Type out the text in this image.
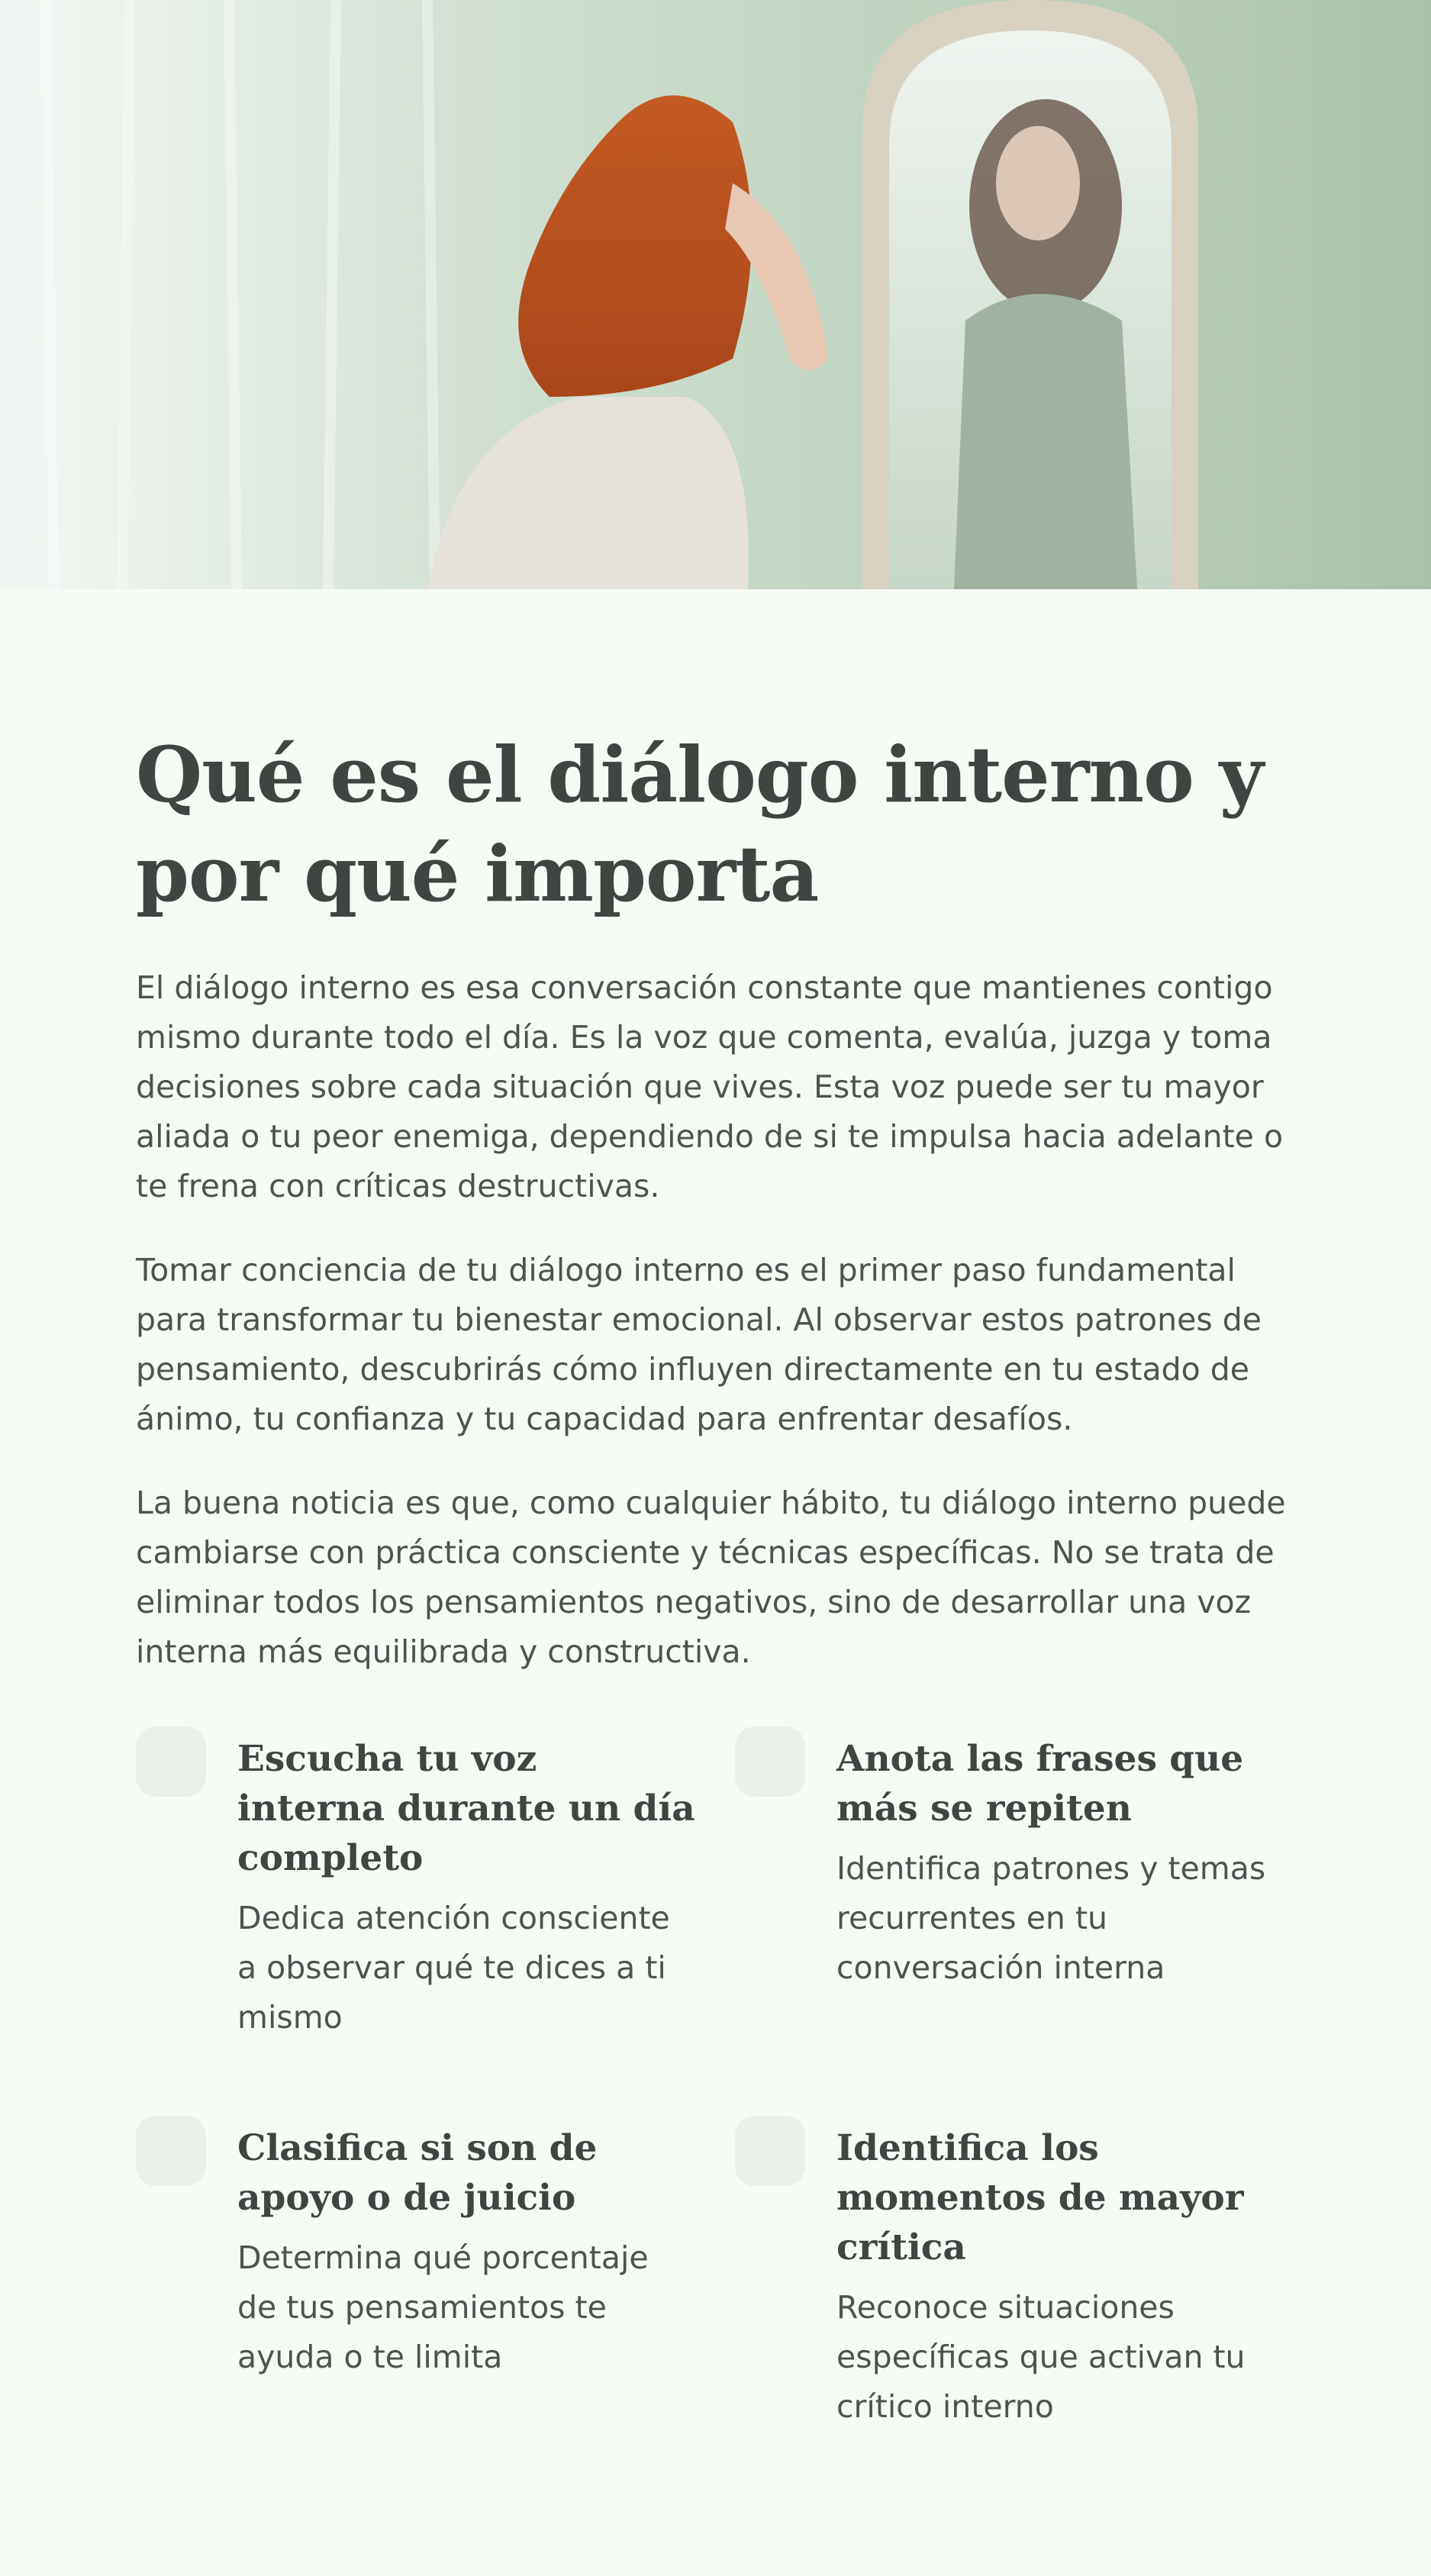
Qué es el diálogo interno y por qué importa

El diálogo interno es esa conversación constante que mantienes contigo mismo durante todo el día. Es la voz que comenta, evalúa, juzga y toma decisiones sobre cada situación que vives. Esta voz puede ser tu mayor aliada o tu peor enemiga, dependiendo de si te impulsa hacia adelante o te frena con críticas destructivas.

Tomar conciencia de tu diálogo interno es el primer paso fundamental para transformar tu bienestar emocional. Al observar estos patrones de pensamiento, descubrirás cómo influyen directamente en tu estado de ánimo, tu confianza y tu capacidad para enfrentar desafíos.

La buena noticia es que, como cualquier hábito, tu diálogo interno puede cambiarse con práctica consciente y técnicas específicas. No se trata de eliminar todos los pensamientos negativos, sino de desarrollar una voz interna más equilibrada y constructiva.

Escucha tu voz interna durante un día completo

Dedica atención consciente a observar qué te dices a ti mismo

Anota las frases que más se repiten

Identifica patrones y temas recurrentes en tu conversación interna

Clasifica si son de apoyo o de juicio

Determina qué porcentaje de tus pensamientos te ayuda o te limita

Identifica los momentos de mayor crítica

Reconoce situaciones específicas que activan tu crítico interno
